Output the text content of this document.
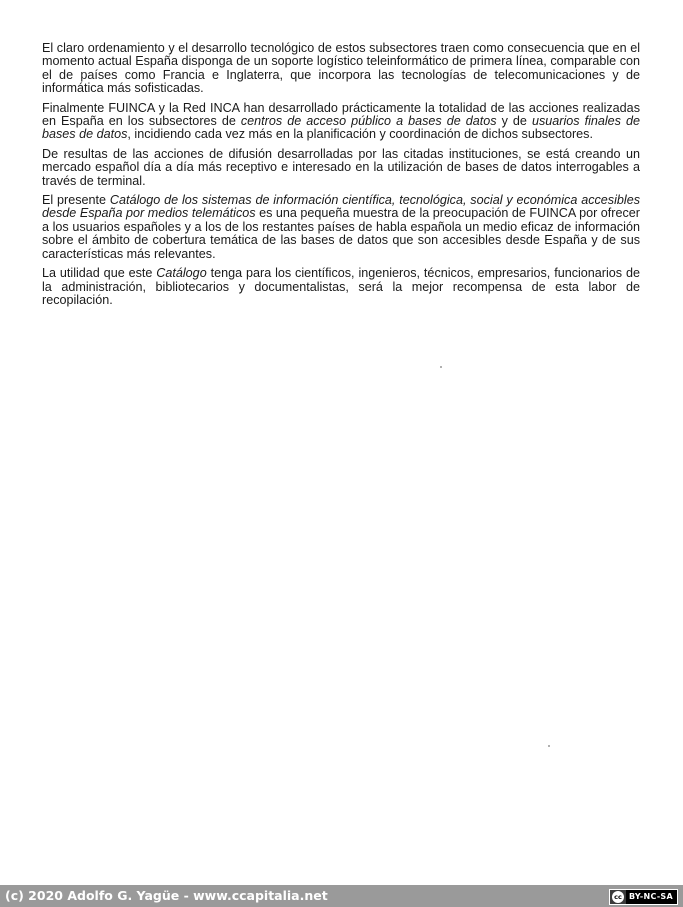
El claro ordenamiento y el desarrollo tecnológico de estos subsectores traen como consecuencia que en el momento actual España disponga de un soporte logístico teleinformático de primera línea, comparable con el de países como Francia e Inglaterra, que incorpora las tecnologías de telecomunicaciones y de informática más sofisticadas.

Finalmente FUINCA y la Red INCA han desarrollado prácticamente la totalidad de las acciones realizadas en España en los subsectores de centros de acceso público a bases de datos y de usuarios finales de bases de datos, incidiendo cada vez más en la planificación y coordinación de dichos subsectores.

De resultas de las acciones de difusión desarrolladas por las citadas instituciones, se está creando un mercado español día a día más receptivo e interesado en la utilización de bases de datos interrogables a través de terminal.

El presente Catálogo de los sistemas de información científica, tecnológica, social y económica accesibles desde España por medios telemáticos es una pequeña muestra de la preocupación de FUINCA por ofrecer a los usuarios españoles y a los de los restantes países de habla española un medio eficaz de información sobre el ámbito de cobertura temática de las bases de datos que son accesibles desde España y de sus características más relevantes.

La utilidad que este Catálogo tenga para los científicos, ingenieros, técnicos, empresarios, funcionarios de la administración, bibliotecarios y documentalistas, será la mejor recompensa de esta labor de recopilación.

(c) 2020 Adolfo G. Yagüe - www.ccapitalia.net	cc BY-NC-SA
